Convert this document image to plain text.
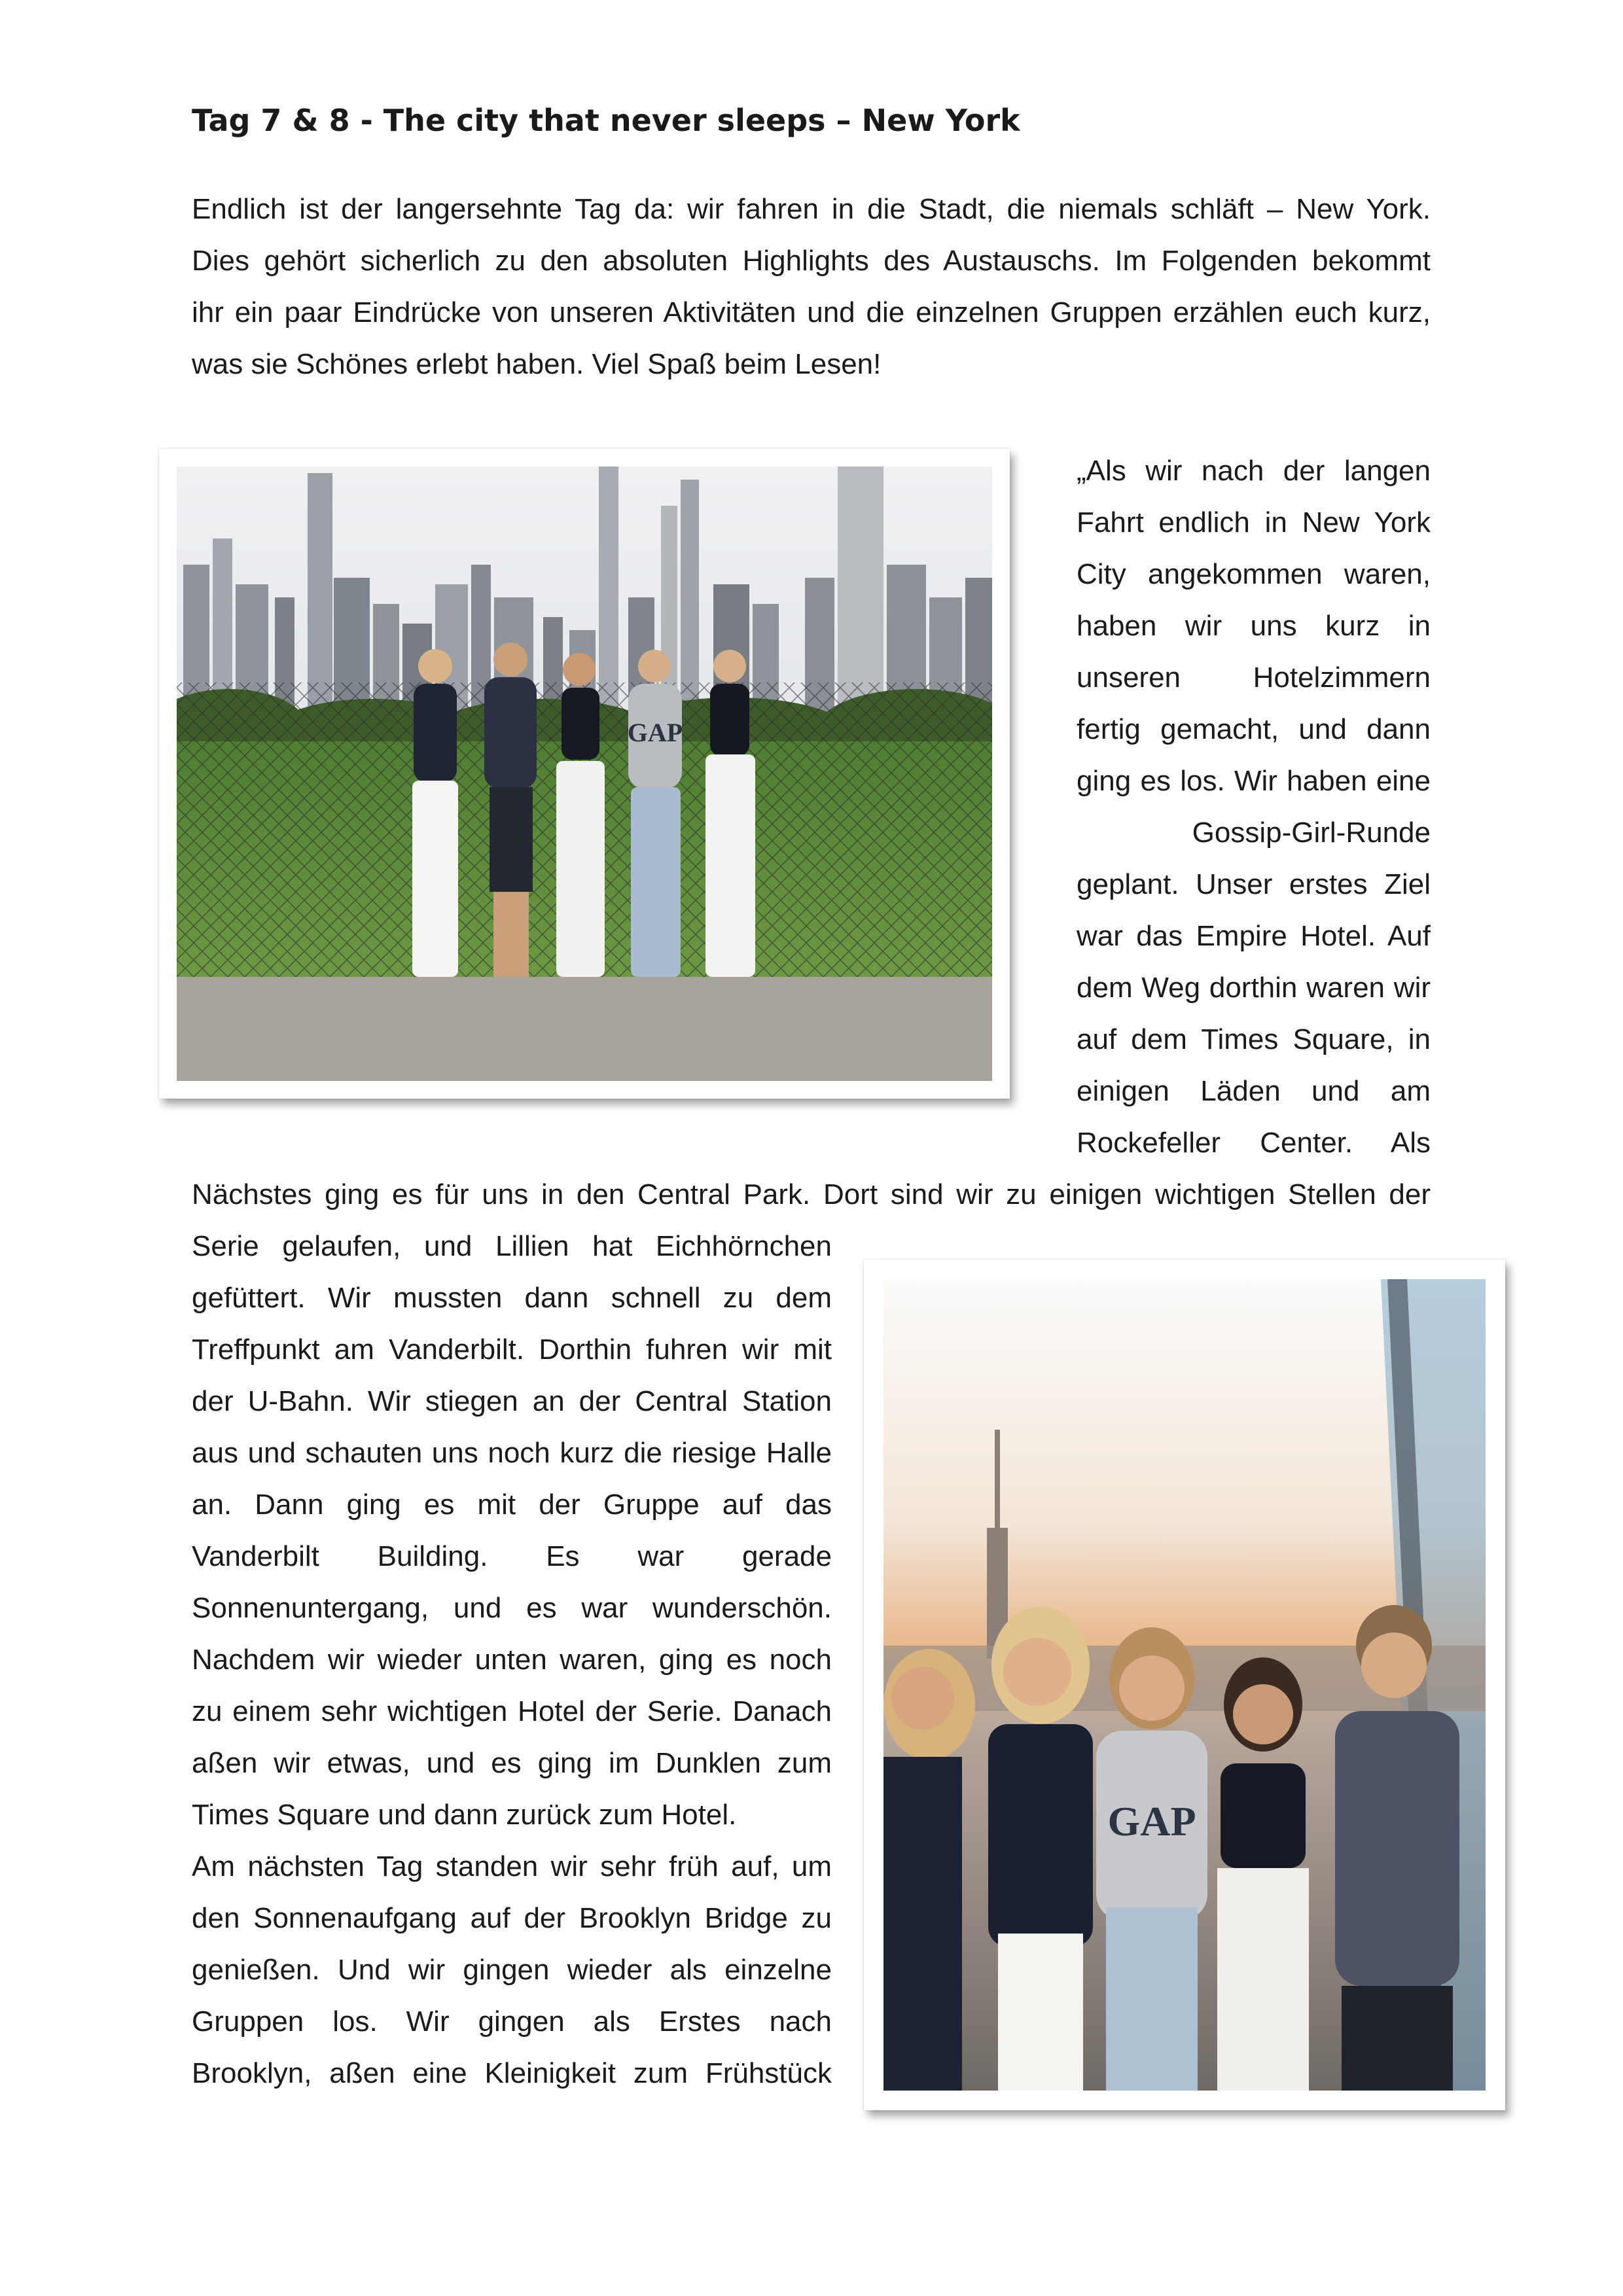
Tag 7 & 8 - The city that never sleeps – New York

Endlich ist der langersehnte Tag da: wir fahren in die Stadt, die niemals schläft – New York.

Dies gehört sicherlich zu den absoluten Highlights des Austauschs. Im Folgenden bekommt

ihr ein paar Eindrücke von unseren Aktivitäten und die einzelnen Gruppen erzählen euch kurz,

was sie Schönes erlebt haben. Viel Spaß beim Lesen!

GAP

„Als wir nach der langen

Fahrt endlich in New York

City angekommen waren,

haben wir uns kurz in

unseren Hotelzimmern

fertig gemacht, und dann

ging es los. Wir haben eine

Gossip-Girl-Runde

geplant. Unser erstes Ziel

war das Empire Hotel. Auf

dem Weg dorthin waren wir

auf dem Times Square, in

einigen Läden und am

Rockefeller Center. Als

Nächstes ging es für uns in den Central Park. Dort sind wir zu einigen wichtigen Stellen der

Serie gelaufen, und Lillien hat Eichhörnchen

gefüttert. Wir mussten dann schnell zu dem

Treffpunkt am Vanderbilt. Dorthin fuhren wir mit

der U-Bahn. Wir stiegen an der Central Station

aus und schauten uns noch kurz die riesige Halle

an. Dann ging es mit der Gruppe auf das

Vanderbilt Building. Es war gerade

Sonnenuntergang, und es war wunderschön.

Nachdem wir wieder unten waren, ging es noch

zu einem sehr wichtigen Hotel der Serie. Danach

aßen wir etwas, und es ging im Dunklen zum

Times Square und dann zurück zum Hotel.

Am nächsten Tag standen wir sehr früh auf, um

den Sonnenaufgang auf der Brooklyn Bridge zu

genießen. Und wir gingen wieder als einzelne

Gruppen los. Wir gingen als Erstes nach

Brooklyn, aßen eine Kleinigkeit zum Frühstück

GAP
